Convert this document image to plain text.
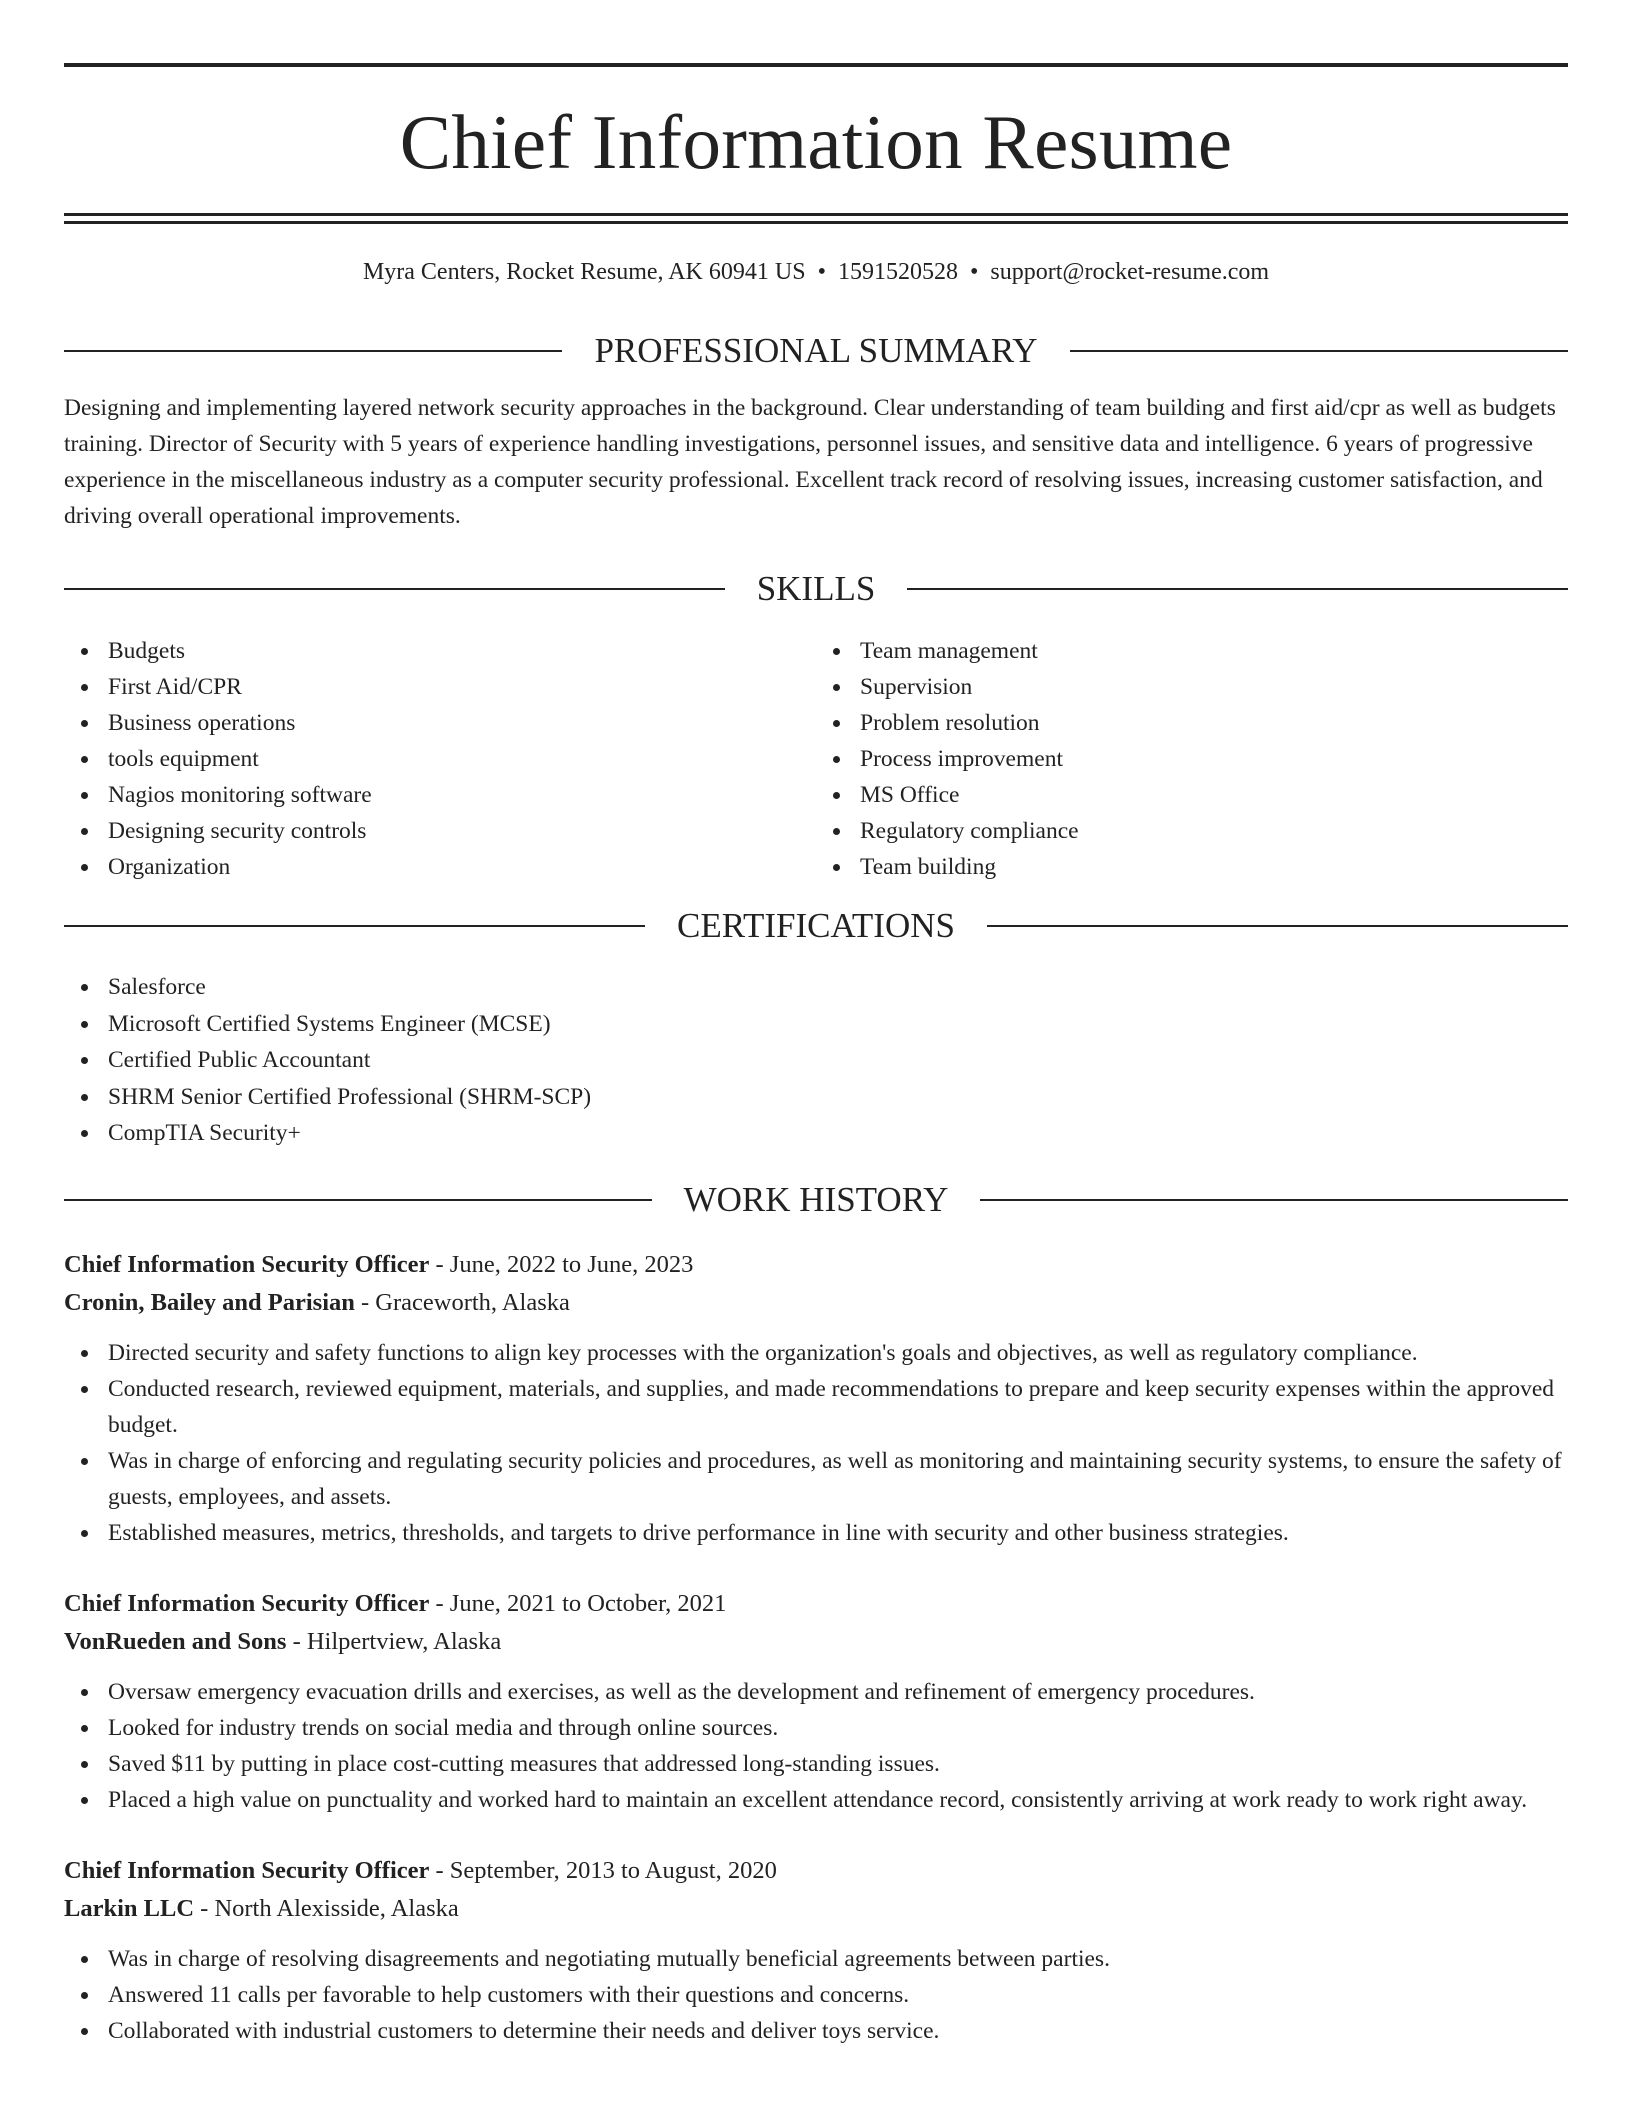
Chief Information Resume
Myra Centers, Rocket Resume, AK 60941 US • 1591520528 • support@rocket-resume.com
PROFESSIONAL SUMMARY

Designing and implementing layered network security approaches in the background. Clear understanding of team building and first aid/cpr as well as budgets training. Director of Security with 5 years of experience handling investigations, personnel issues, and sensitive data and intelligence. 6 years of progressive experience in the miscellaneous industry as a computer security professional. Excellent track record of resolving issues, increasing customer satisfaction, and driving overall operational improvements.

SKILLS
Budgets
First Aid/CPR
Business operations
tools equipment
Nagios monitoring software
Designing security controls
Organization
Team management
Supervision
Problem resolution
Process improvement
MS Office
Regulatory compliance
Team building
CERTIFICATIONS
Salesforce
Microsoft Certified Systems Engineer (MCSE)
Certified Public Accountant
SHRM Senior Certified Professional (SHRM-SCP)
CompTIA Security+
WORK HISTORY
Chief Information Security Officer - June, 2022 to June, 2023
Cronin, Bailey and Parisian - Graceworth, Alaska
Directed security and safety functions to align key processes with the organization's goals and objectives, as well as regulatory compliance.
Conducted research, reviewed equipment, materials, and supplies, and made recommendations to prepare and keep security expenses within the approved budget.
Was in charge of enforcing and regulating security policies and procedures, as well as monitoring and maintaining security systems, to ensure the safety of guests, employees, and assets.
Established measures, metrics, thresholds, and targets to drive performance in line with security and other business strategies.
Chief Information Security Officer - June, 2021 to October, 2021
VonRueden and Sons - Hilpertview, Alaska
Oversaw emergency evacuation drills and exercises, as well as the development and refinement of emergency procedures.
Looked for industry trends on social media and through online sources.
Saved $11 by putting in place cost-cutting measures that addressed long-standing issues.
Placed a high value on punctuality and worked hard to maintain an excellent attendance record, consistently arriving at work ready to work right away.
Chief Information Security Officer - September, 2013 to August, 2020
Larkin LLC - North Alexisside, Alaska
Was in charge of resolving disagreements and negotiating mutually beneficial agreements between parties.
Answered 11 calls per favorable to help customers with their questions and concerns.
Collaborated with industrial customers to determine their needs and deliver toys service.
